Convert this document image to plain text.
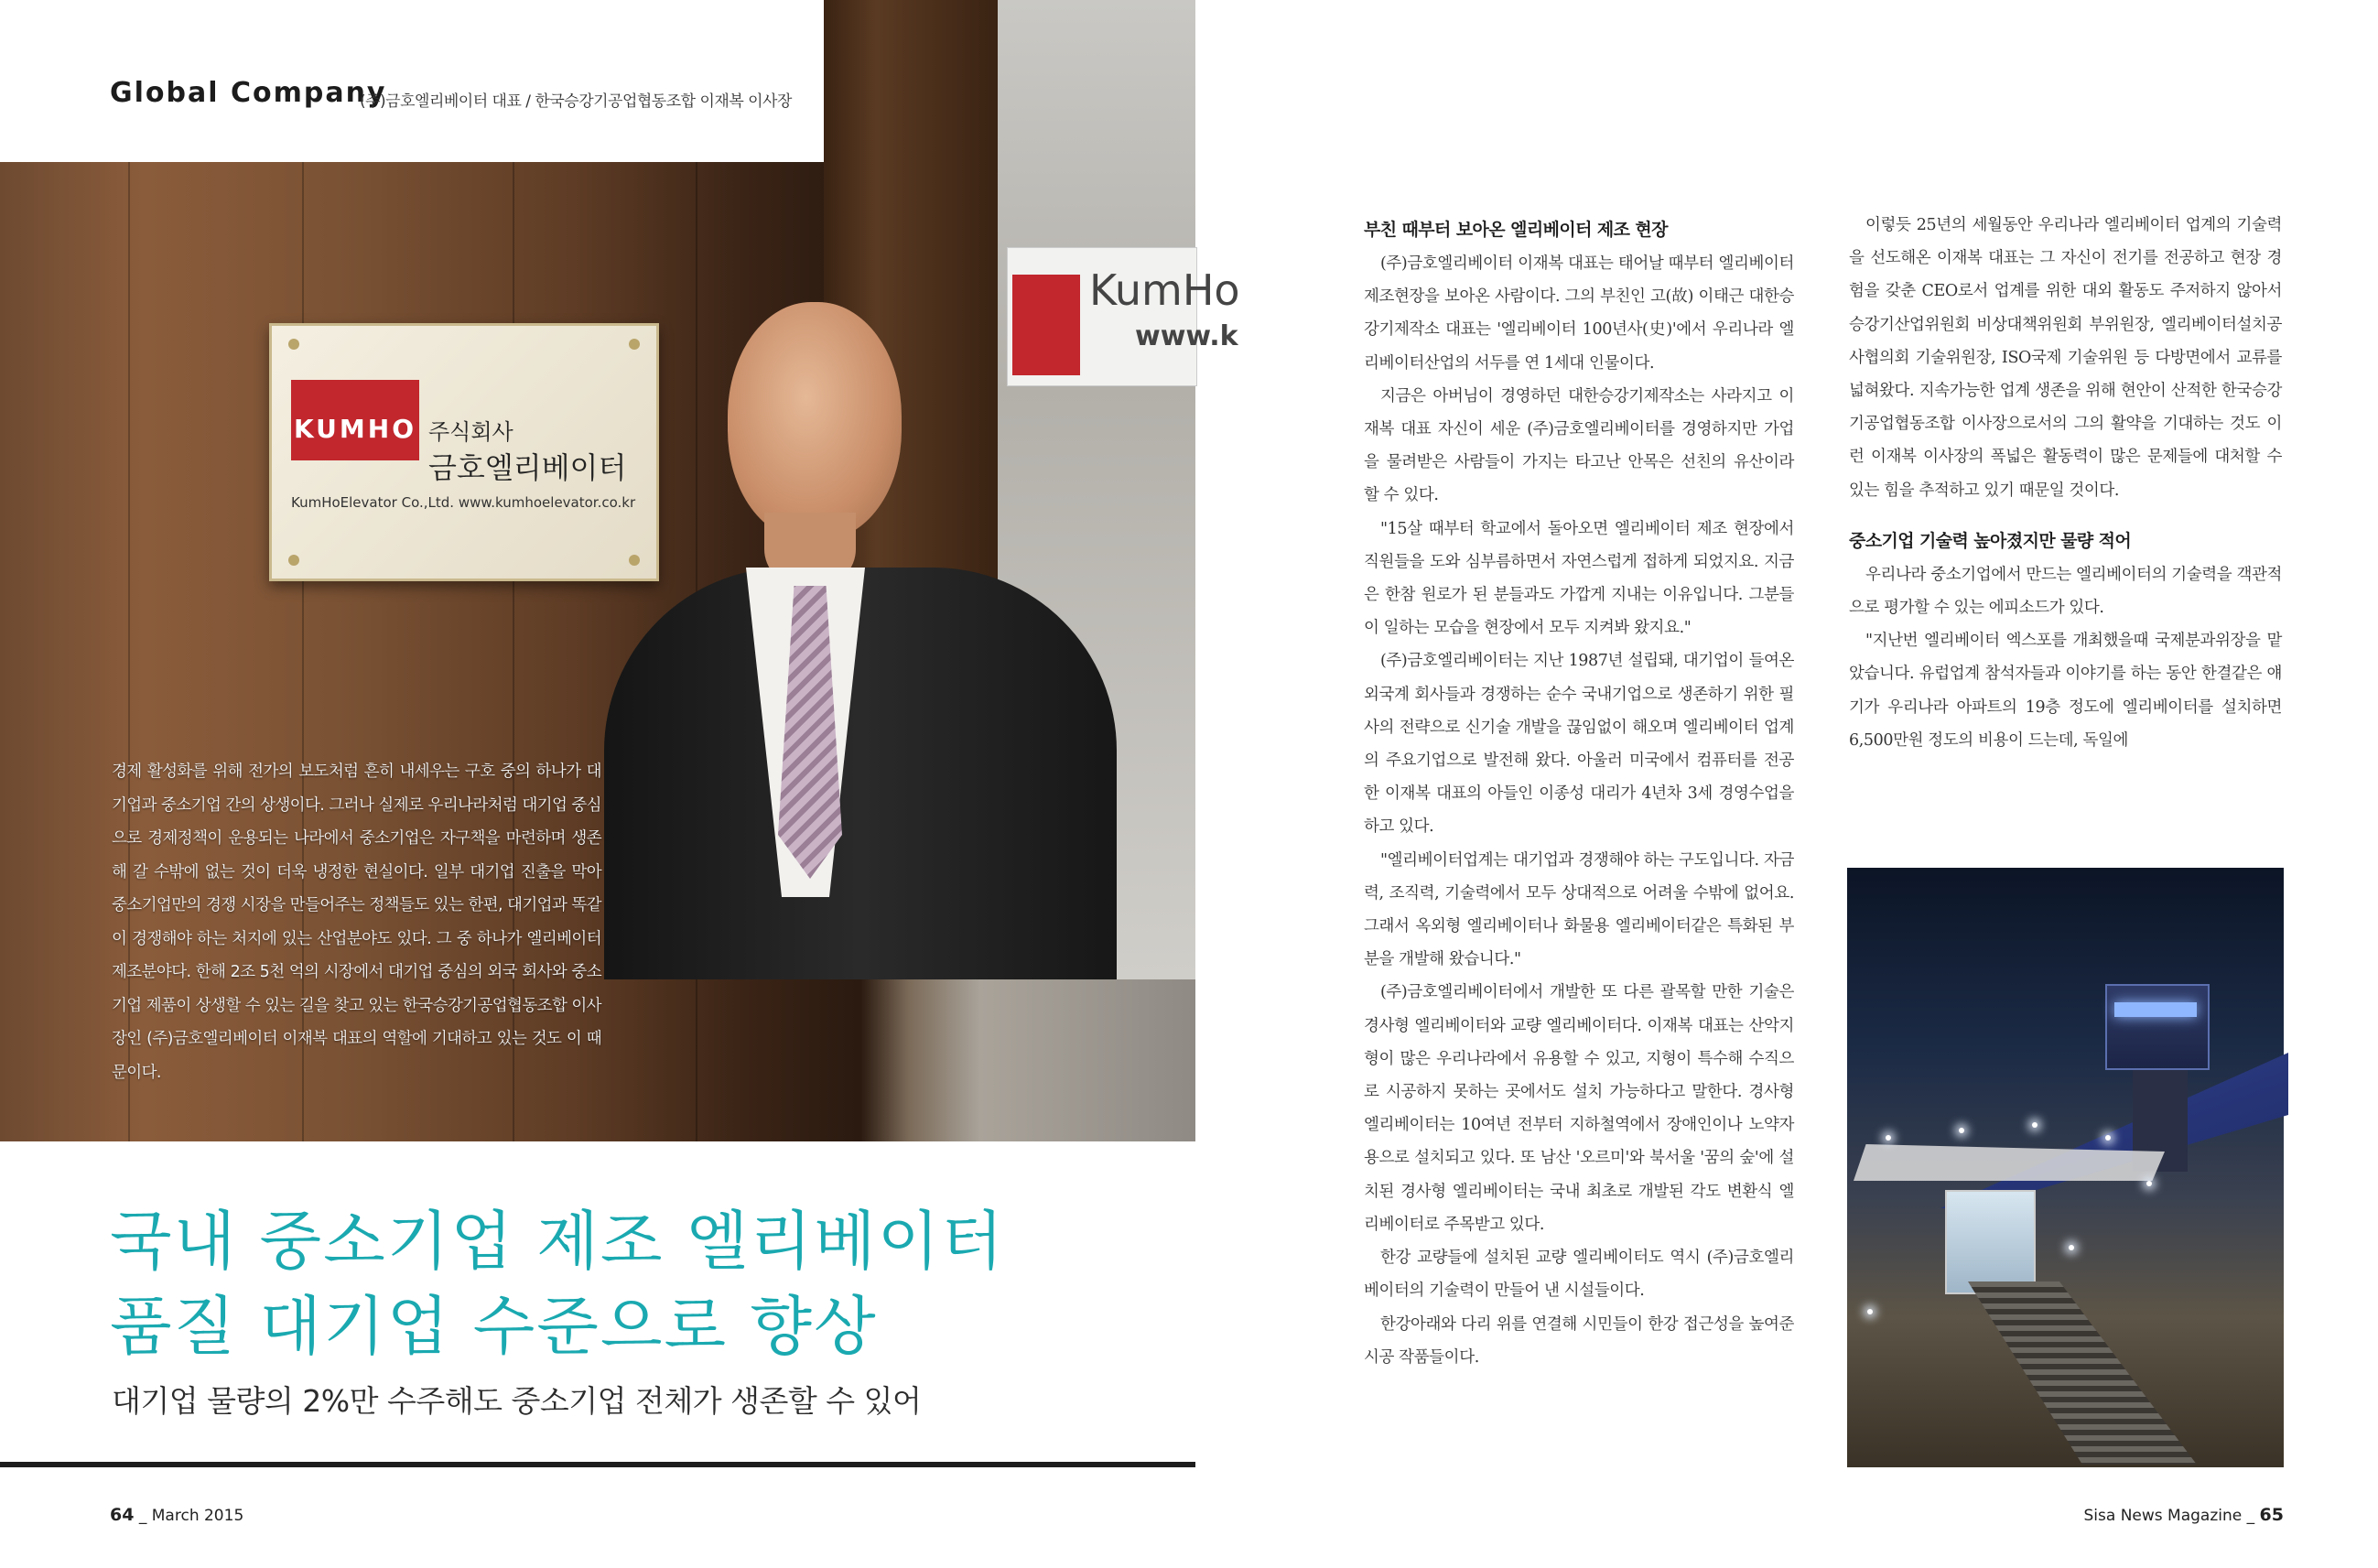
Global Company
(주)금호엘리베이터 대표 / 한국승강기공업협동조합 이재복 이사장
KumHo
www.k
KUMHO 주식회사
금호엘리베이터
KumHoElevator Co.,Ltd. www.kumhoelevator.co.kr
경제 활성화를 위해 전가의 보도처럼 흔히 내세우는 구호 중의 하나가 대기업과 중소기업 간의 상생이다. 그러나 실제로 우리나라처럼 대기업 중심으로 경제정책이 운용되는 나라에서 중소기업은 자구책을 마련하며 생존해 갈 수밖에 없는 것이 더욱 냉정한 현실이다. 일부 대기업 진출을 막아 중소기업만의 경쟁 시장을 만들어주는 정책들도 있는 한편, 대기업과 똑같이 경쟁해야 하는 처지에 있는 산업분야도 있다. 그 중 하나가 엘리베이터 제조분야다. 한해 2조 5천 억의 시장에서 대기업 중심의 외국 회사와 중소기업 제품이 상생할 수 있는 길을 찾고 있는 한국승강기공업협동조합 이사장인 (주)금호엘리베이터 이재복 대표의 역할에 기대하고 있는 것도 이 때문이다.
국내 중소기업 제조 엘리베이터
품질 대기업 수준으로 향상
대기업 물량의 2%만 수주해도 중소기업 전체가 생존할 수 있어
부친 때부터 보아온 엘리베이터 제조 현장

(주)금호엘리베이터 이재복 대표는 태어날 때부터 엘리베이터 제조현장을 보아온 사람이다. 그의 부친인 고(故) 이태근 대한승강기제작소 대표는 '엘리베이터 100년사(史)'에서 우리나라 엘리베이터산업의 서두를 연 1세대 인물이다.

지금은 아버님이 경영하던 대한승강기제작소는 사라지고 이재복 대표 자신이 세운 (주)금호엘리베이터를 경영하지만 가업을 물려받은 사람들이 가지는 타고난 안목은 선친의 유산이라 할 수 있다.

"15살 때부터 학교에서 돌아오면 엘리베이터 제조 현장에서 직원들을 도와 심부름하면서 자연스럽게 접하게 되었지요. 지금은 한참 원로가 된 분들과도 가깝게 지내는 이유입니다. 그분들이 일하는 모습을 현장에서 모두 지켜봐 왔지요."

(주)금호엘리베이터는 지난 1987년 설립돼, 대기업이 들여온 외국계 회사들과 경쟁하는 순수 국내기업으로 생존하기 위한 필사의 전략으로 신기술 개발을 끊임없이 해오며 엘리베이터 업계의 주요기업으로 발전해 왔다. 아울러 미국에서 컴퓨터를 전공한 이재복 대표의 아들인 이종성 대리가 4년차 3세 경영수업을 하고 있다.

"엘리베이터업계는 대기업과 경쟁해야 하는 구도입니다. 자금력, 조직력, 기술력에서 모두 상대적으로 어려울 수밖에 없어요. 그래서 옥외형 엘리베이터나 화물용 엘리베이터같은 특화된 부분을 개발해 왔습니다."

(주)금호엘리베이터에서 개발한 또 다른 괄목할 만한 기술은 경사형 엘리베이터와 교량 엘리베이터다. 이재복 대표는 산악지형이 많은 우리나라에서 유용할 수 있고, 지형이 특수해 수직으로 시공하지 못하는 곳에서도 설치 가능하다고 말한다. 경사형 엘리베이터는 10여년 전부터 지하철역에서 장애인이나 노약자용으로 설치되고 있다. 또 남산 '오르미'와 북서울 '꿈의 숲'에 설치된 경사형 엘리베이터는 국내 최초로 개발된 각도 변환식 엘리베이터로 주목받고 있다.

한강 교량들에 설치된 교량 엘리베이터도 역시 (주)금호엘리베이터의 기술력이 만들어 낸 시설들이다.

한강아래와 다리 위를 연결해 시민들이 한강 접근성을 높여준 시공 작품들이다.

이렇듯 25년의 세월동안 우리나라 엘리베이터 업계의 기술력을 선도해온 이재복 대표는 그 자신이 전기를 전공하고 현장 경험을 갖춘 CEO로서 업계를 위한 대외 활동도 주저하지 않아서 승강기산업위원회 비상대책위원회 부위원장, 엘리베이터설치공사협의회 기술위원장, ISO국제 기술위원 등 다방면에서 교류를 넓혀왔다. 지속가능한 업계 생존을 위해 현안이 산적한 한국승강기공업협동조합 이사장으로서의 그의 활약을 기대하는 것도 이런 이재복 이사장의 폭넓은 활동력이 많은 문제들에 대처할 수 있는 힘을 추적하고 있기 때문일 것이다.

중소기업 기술력 높아졌지만 물량 적어

우리나라 중소기업에서 만드는 엘리베이터의 기술력을 객관적으로 평가할 수 있는 에피소드가 있다.

"지난번 엘리베이터 엑스포를 개최했을때 국제분과위장을 맡았습니다. 유럽업계 참석자들과 이야기를 하는 동안 한결같은 얘기가 우리나라 아파트의 19층 정도에 엘리베이터를 설치하면 6,500만원 정도의 비용이 드는데, 독일에

64 _ March 2015	Sisa News Magazine _ 65
